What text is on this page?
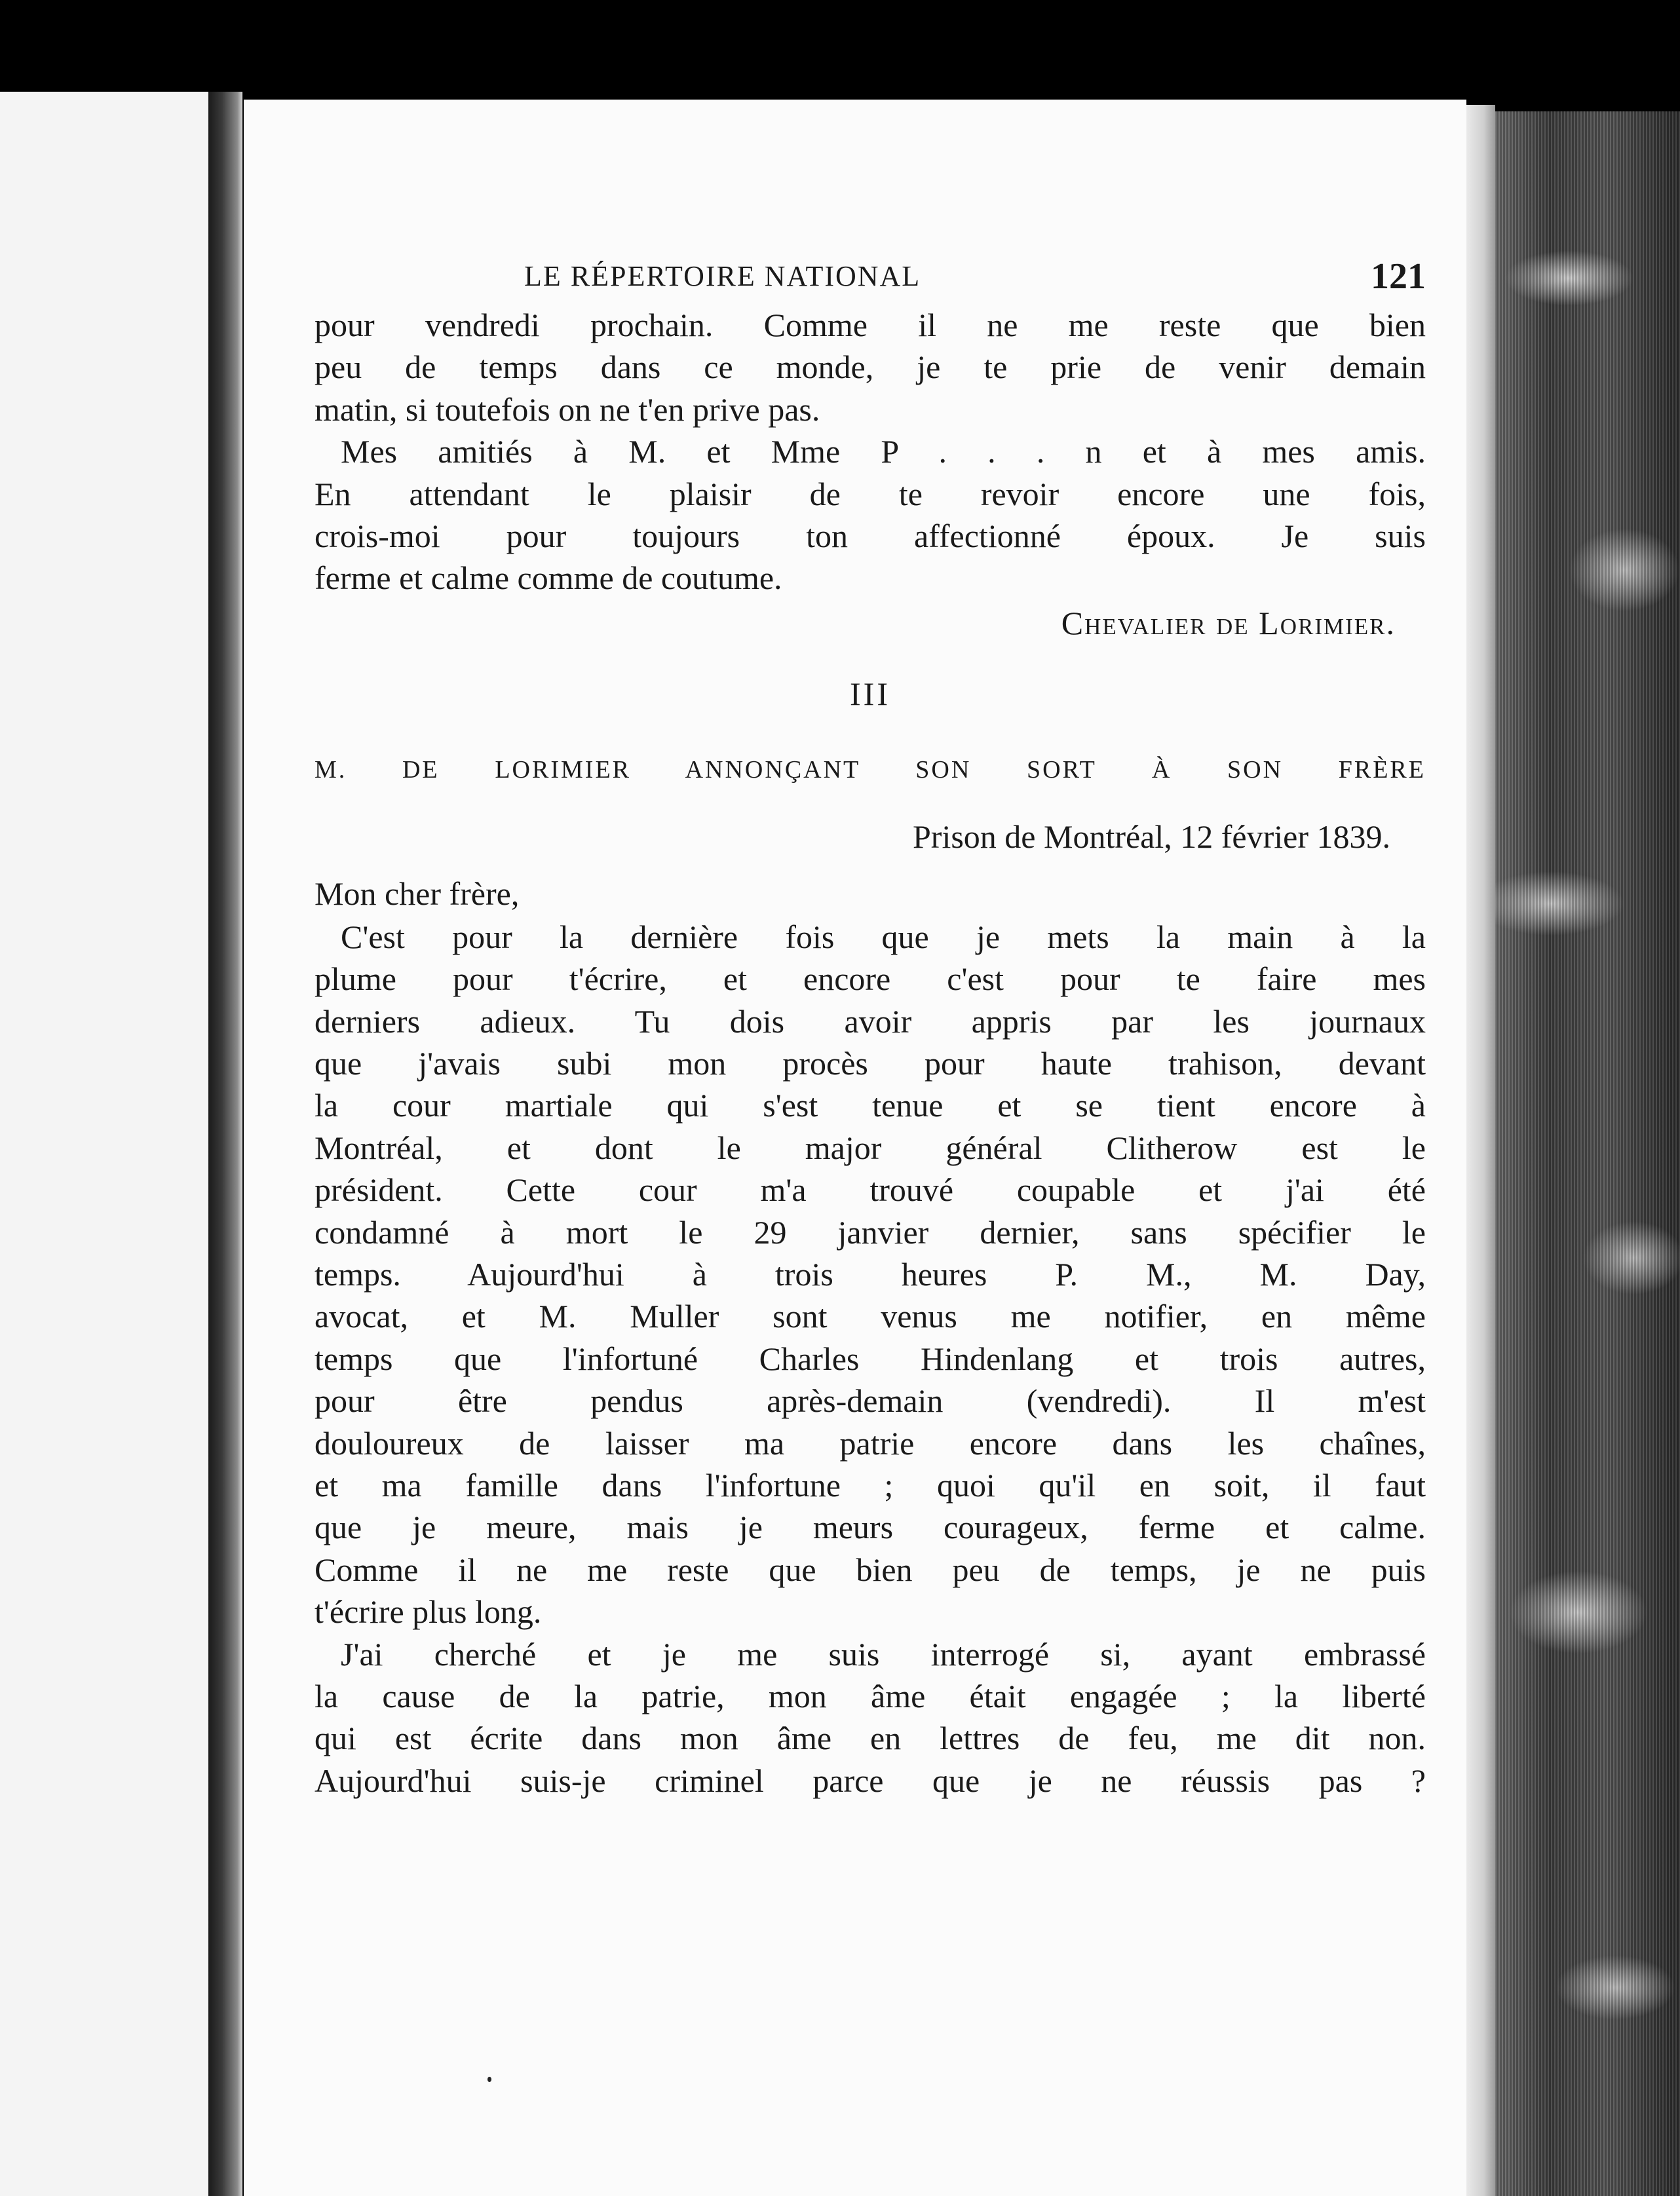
LE RÉPERTOIRE NATIONAL	121
pour vendredi prochain. Comme il ne me reste que bien
peu de temps dans ce monde, je te prie de venir demain
matin, si toutefois on ne t'en prive pas.
Mes amitiés à M. et Mme P . . . n et à mes amis.
En attendant le plaisir de te revoir encore une fois,
crois-moi pour toujours ton affectionné époux. Je suis
ferme et calme comme de coutume.
Chevalier de Lorimier.
III
M. DE LORIMIER ANNONÇANT SON SORT À SON FRÈRE
Prison de Montréal, 12 février 1839.
Mon cher frère,
C'est pour la dernière fois que je mets la main à la
plume pour t'écrire, et encore c'est pour te faire mes
derniers adieux. Tu dois avoir appris par les journaux
que j'avais subi mon procès pour haute trahison, devant
la cour martiale qui s'est tenue et se tient encore à
Montréal, et dont le major général Clitherow est le
président. Cette cour m'a trouvé coupable et j'ai été
condamné à mort le 29 janvier dernier, sans spécifier le
temps. Aujourd'hui à trois heures P. M., M. Day,
avocat, et M. Muller sont venus me notifier, en même
temps que l'infortuné Charles Hindenlang et trois autres,
pour être pendus après-demain (vendredi). Il m'est
douloureux de laisser ma patrie encore dans les chaînes,
et ma famille dans l'infortune ; quoi qu'il en soit, il faut
que je meure, mais je meurs courageux, ferme et calme.
Comme il ne me reste que bien peu de temps, je ne puis
t'écrire plus long.
J'ai cherché et je me suis interrogé si, ayant embrassé
la cause de la patrie, mon âme était engagée ; la liberté
qui est écrite dans mon âme en lettres de feu, me dit non.
Aujourd'hui suis-je criminel parce que je ne réussis pas ?
